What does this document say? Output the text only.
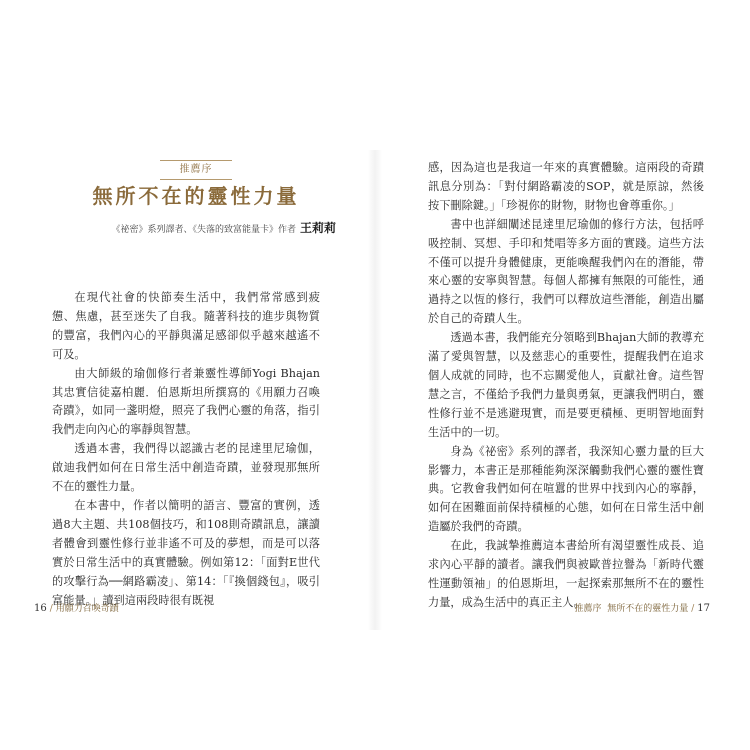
推薦序
無所不在的靈性力量
《祕密》系列譯者、《失落的致富能量卡》作者 王莉莉

在現代社會的快節奏生活中，我們常常感到疲憊、焦慮，甚至迷失了自我。隨著科技的進步與物質的豐富，我們內心的平靜與滿足感卻似乎越來越遙不可及。

由大師級的瑜伽修行者兼靈性導師Yogi Bhajan其忠實信徒嘉柏麗．伯恩斯坦所撰寫的《用願力召喚奇蹟》，如同一盞明燈，照亮了我們心靈的角落，指引我們走向內心的寧靜與智慧。

透過本書，我們得以認識古老的昆達里尼瑜伽，啟迪我們如何在日常生活中創造奇蹟，並發現那無所不在的靈性力量。

在本書中，作者以簡明的語言、豐富的實例，透過8大主題、共108個技巧，和108則奇蹟訊息，讓讀者體會到靈性修行並非遙不可及的夢想，而是可以落實於日常生活中的真實體驗。例如第12：「面對E世代的攻擊行為──網路霸凌」、第14：「『換個錢包』，吸引富能量。」讀到這兩段時很有既視

16 / 用願力召喚奇蹟

感，因為這也是我這一年來的真實體驗。這兩段的奇蹟訊息分別為：「對付網路霸凌的SOP，就是原諒，然後按下刪除鍵。」「珍視你的財物，財物也會尊重你。」

書中也詳細闡述昆達里尼瑜伽的修行方法，包括呼吸控制、冥想、手印和梵唱等多方面的實踐。這些方法不僅可以提升身體健康，更能喚醒我們內在的潛能，帶來心靈的安寧與智慧。每個人都擁有無限的可能性，通過持之以恆的修行，我們可以釋放這些潛能，創造出屬於自己的奇蹟人生。

透過本書，我們能充分領略到Bhajan大師的教導充滿了愛與智慧，以及慈悲心的重要性，提醒我們在追求個人成就的同時，也不忘關愛他人，貢獻社會。這些智慧之言，不僅給予我們力量與勇氣，更讓我們明白，靈性修行並不是逃避現實，而是要更積極、更明智地面對生活中的一切。

身為《祕密》系列的譯者，我深知心靈力量的巨大影響力，本書正是那種能夠深深觸動我們心靈的靈性寶典。它教會我們如何在喧囂的世界中找到內心的寧靜，如何在困難面前保持積極的心態，如何在日常生活中創造屬於我們的奇蹟。

在此，我誠摯推薦這本書給所有渴望靈性成長、追求內心平靜的讀者。讓我們與被歐普拉譽為「新時代靈性運動領袖」的伯恩斯坦，一起探索那無所不在的靈性力量，成為生活中的真正主人。

推薦序 無所不在的靈性力量 / 17
